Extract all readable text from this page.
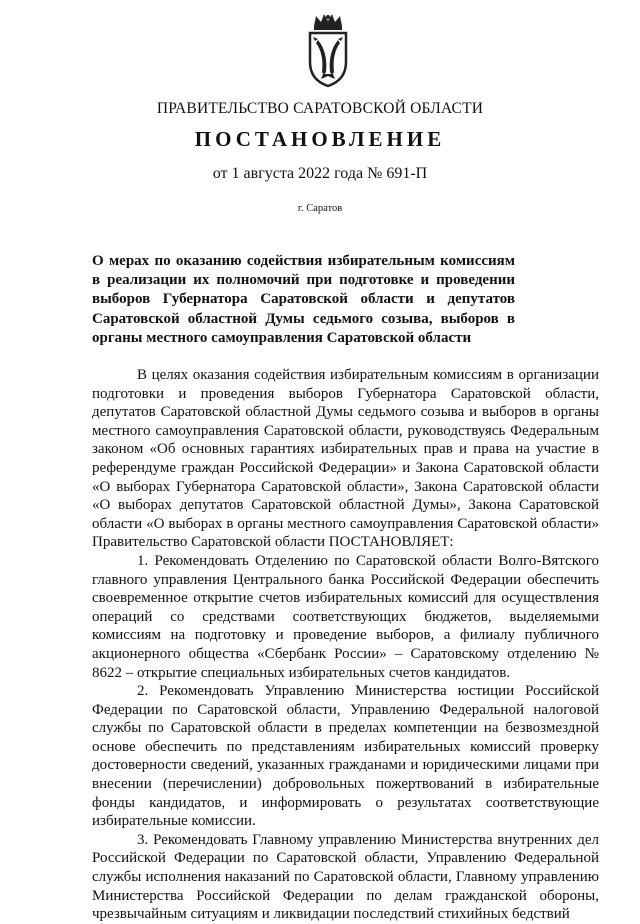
ПРАВИТЕЛЬСТВО САРАТОВСКОЙ ОБЛАСТИ
ПОСТАНОВЛЕНИЕ
от 1 августа 2022 года № 691-П
г. Саратов
О мерах по оказанию содействия избирательным комиссиям в реализации их полномочий при подготовке и проведении выборов Губернатора Саратовской области и депутатов Саратовской областной Думы седьмого созыва, выборов в органы местного самоуправления Саратовской области

В целях оказания содействия избирательным комиссиям в организации подготовки и проведения выборов Губернатора Саратовской области, депутатов Саратовской областной Думы седьмого созыва и выборов в органы местного самоуправления Саратовской области, руководствуясь Федеральным законом «Об основных гарантиях избирательных прав и права на участие в референдуме граждан Российской Федерации» и Закона Саратовской области «О выборах Губернатора Саратовской области», Закона Саратовской области «О выборах депутатов Саратовской областной Думы», Закона Саратовской области «О выборах в органы местного самоуправления Саратовской области» Правительство Саратовской области ПОСТАНОВЛЯЕТ:

1. Рекомендовать Отделению по Саратовской области Волго-Вятского главного управления Центрального банка Российской Федерации обеспечить своевременное открытие счетов избирательных комиссий для осуществления операций со средствами соответствующих бюджетов, выделяемыми комиссиям на подготовку и проведение выборов, а филиалу публичного акционерного общества «Сбербанк России» – Саратовскому отделению № 8622 – открытие специальных избирательных счетов кандидатов.

2. Рекомендовать Управлению Министерства юстиции Российской Федерации по Саратовской области, Управлению Федеральной налоговой службы по Саратовской области в пределах компетенции на безвозмездной основе обеспечить по представлениям избирательных комиссий проверку достоверности сведений, указанных гражданами и юридическими лицами при внесении (перечислении) добровольных пожертвований в избирательные фонды кандидатов, и информировать о результатах соответствующие избирательные комиссии.

3. Рекомендовать Главному управлению Министерства внутренних дел Российской Федерации по Саратовской области, Управлению Федеральной службы исполнения наказаний по Саратовской области, Главному управлению Министерства Российской Федерации по делам гражданской обороны, чрезвычайным ситуациям и ликвидации последствий стихийных бедствий
